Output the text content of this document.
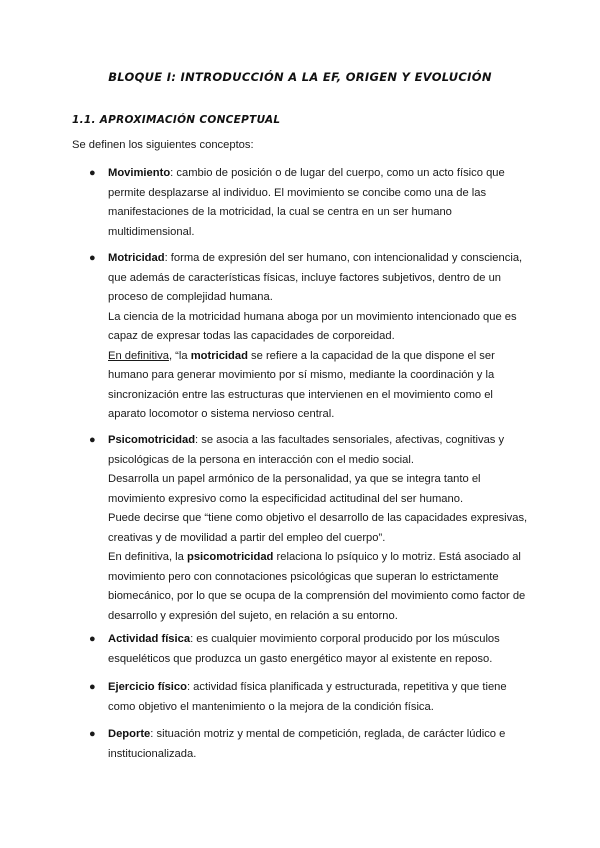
BLOQUE I: INTRODUCCIÓN A LA EF, ORIGEN Y EVOLUCIÓN
1.1. APROXIMACIÓN CONCEPTUAL
Se definen los siguientes conceptos:
● Movimiento: cambio de posición o de lugar del cuerpo, como un acto físico que
permite desplazarse al individuo. El movimiento se concibe como una de las
manifestaciones de la motricidad, la cual se centra en un ser humano
multidimensional.
● Motricidad: forma de expresión del ser humano, con intencionalidad y consciencia,
que además de características físicas, incluye factores subjetivos, dentro de un
proceso de complejidad humana.
La ciencia de la motricidad humana aboga por un movimiento intencionado que es
capaz de expresar todas las capacidades de corporeidad.
En definitiva, “la motricidad se refiere a la capacidad de la que dispone el ser
humano para generar movimiento por sí mismo, mediante la coordinación y la
sincronización entre las estructuras que intervienen en el movimiento como el
aparato locomotor o sistema nervioso central.
● Psicomotricidad: se asocia a las facultades sensoriales, afectivas, cognitivas y
psicológicas de la persona en interacción con el medio social.
Desarrolla un papel armónico de la personalidad, ya que se integra tanto el
movimiento expresivo como la especificidad actitudinal del ser humano.
Puede decirse que “tiene como objetivo el desarrollo de las capacidades expresivas,
creativas y de movilidad a partir del empleo del cuerpo”.
En definitiva, la psicomotricidad relaciona lo psíquico y lo motriz. Está asociado al
movimiento pero con connotaciones psicológicas que superan lo estrictamente
biomecánico, por lo que se ocupa de la comprensión del movimiento como factor de
desarrollo y expresión del sujeto, en relación a su entorno.
● Actividad física: es cualquier movimiento corporal producido por los músculos
esqueléticos que produzca un gasto energético mayor al existente en reposo.
● Ejercicio físico: actividad física planificada y estructurada, repetitiva y que tiene
como objetivo el mantenimiento o la mejora de la condición física.
● Deporte: situación motriz y mental de competición, reglada, de carácter lúdico e
institucionalizada.
